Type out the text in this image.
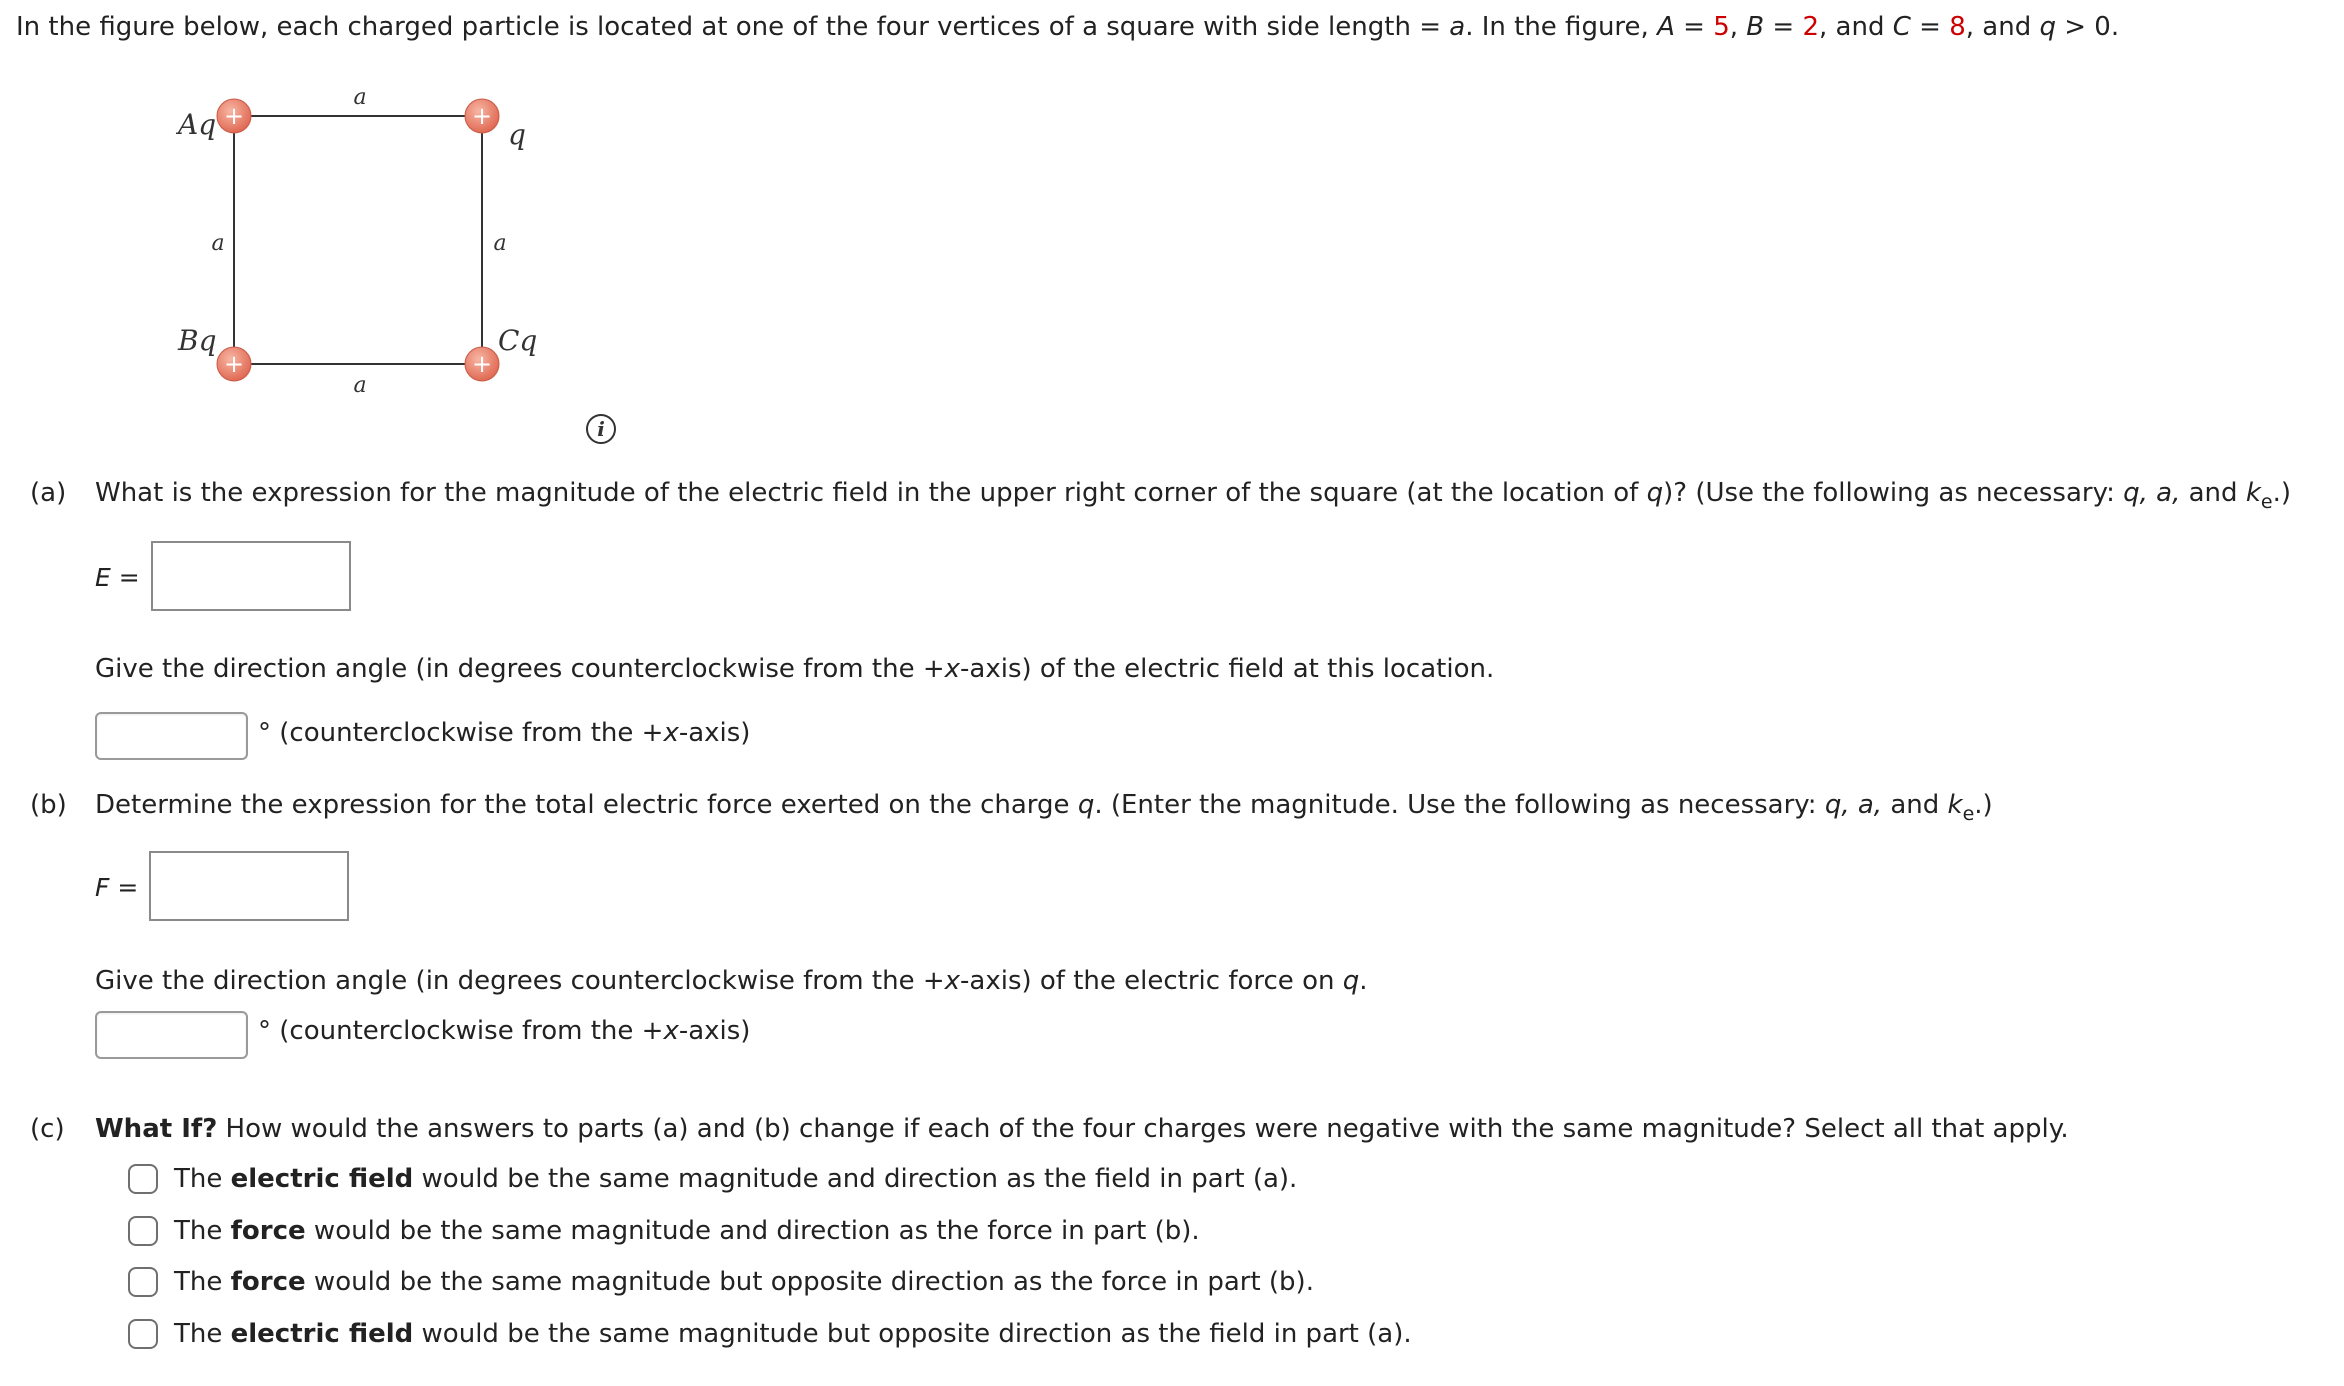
In the figure below, each charged particle is located at one of the four vertices of a square with side length = a. In the figure, A = 5, B = 2, and C = 8, and q > 0.
a
a
a	a
+	+
+	+
Aq	q
Bq	Cq
i
(a) What is the expression for the magnitude of the electric field in the upper right corner of the square (at the location of q)? (Use the following as necessary: q, a, and $k_e$.)
E =
Give the direction angle (in degrees counterclockwise from the +x-axis) of the electric field at this location.
° (counterclockwise from the +x-axis)
(b) Determine the expression for the total electric force exerted on the charge q. (Enter the magnitude. Use the following as necessary: q, a, and $k_e$.)
F =
Give the direction angle (in degrees counterclockwise from the +x-axis) of the electric force on q.
° (counterclockwise from the +x-axis)
(c) What If? How would the answers to parts (a) and (b) change if each of the four charges were negative with the same magnitude? Select all that apply.
The electric field would be the same magnitude and direction as the field in part (a).
The force would be the same magnitude and direction as the force in part (b).
The force would be the same magnitude but opposite direction as the force in part (b).
The electric field would be the same magnitude but opposite direction as the field in part (a).
